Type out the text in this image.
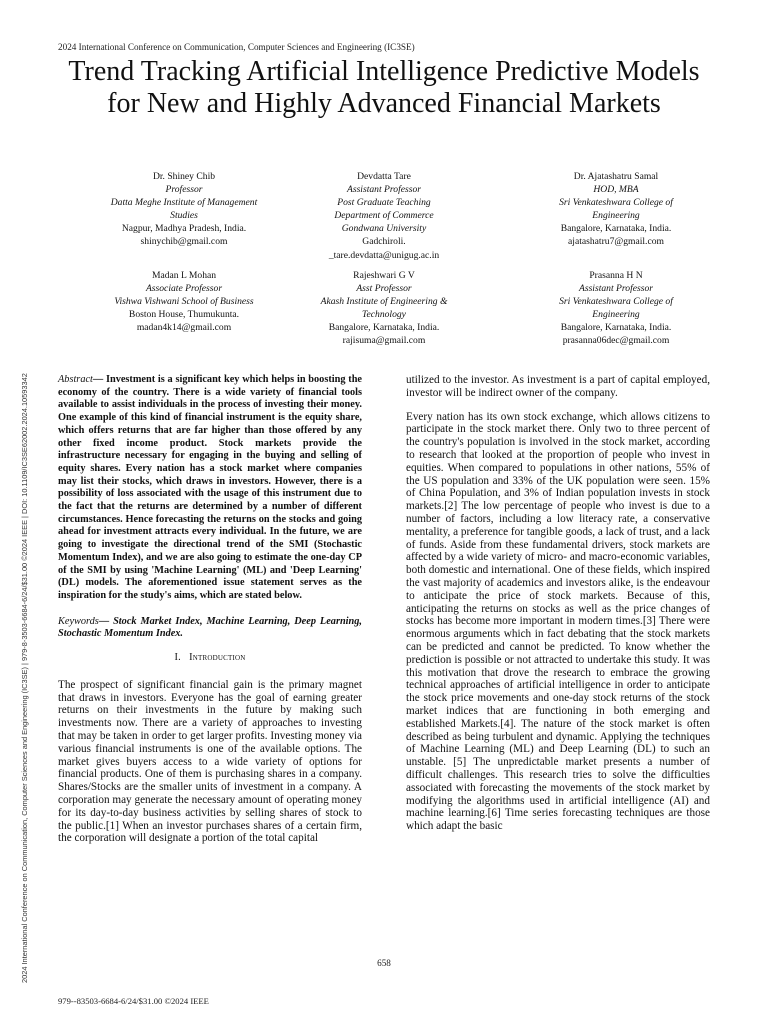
2024 International Conference on Communication, Computer Sciences and Engineering (IC3SE)
Trend Tracking Artificial Intelligence Predictive Models for New and Highly Advanced Financial Markets
Dr. Shiney Chib
Professor
Datta Meghe Institute of Management
Studies
Nagpur, Madhya Pradesh, India.
shinychib@gmail.com
Devdatta Tare
Assistant Professor
Post Graduate Teaching
Department of Commerce
Gondwana University
Gadchiroli.
_tare.devdatta@unigug.ac.in
Dr. Ajatashatru Samal
HOD, MBA
Sri Venkateshwara College of
Engineering
Bangalore, Karnataka, India.
ajatashatru7@gmail.com
Madan L Mohan
Associate Professor
Vishwa Vishwani School of Business
Boston House, Thumukunta.
madan4k14@gmail.com
Rajeshwari G V
Asst Professor
Akash Institute of Engineering &
Technology
Bangalore, Karnataka, India.
rajisuma@gmail.com
Prasanna H N
Assistant Professor
Sri Venkateshwara College of
Engineering
Bangalore, Karnataka, India.
prasanna06dec@gmail.com
2024 International Conference on Communication, Computer Sciences and Engineering (IC3SE) | 979-8-3503-6684-6/24/$31.00 ©2024 IEEE | DOI: 10.1109/IC3SE62002.2024.10593342	Abstract— Investment is a significant key which helps in boosting the economy of the country. There is a wide variety of financial tools available to assist individuals in the process of investing their money. One example of this kind of financial instrument is the equity share, which offers returns that are far higher than those offered by any other fixed income product. Stock markets provide the infrastructure necessary for engaging in the buying and selling of equity shares. Every nation has a stock market where companies may list their stocks, which draws in investors. However, there is a possibility of loss associated with the usage of this instrument due to the fact that the returns are determined by a number of different circumstances. Hence forecasting the returns on the stocks and going ahead for investment attracts every individual. In the future, we are going to investigate the directional trend of the SMI (Stochastic Momentum Index), and we are also going to estimate the one-day CP of the SMI by using 'Machine Learning' (ML) and 'Deep Learning' (DL) models. The aforementioned issue statement serves as the inspiration for the study's aims, which are stated below.

Keywords— Stock Market Index, Machine Learning, Deep Learning, Stochastic Momentum Index.

I. Introduction

The prospect of significant financial gain is the primary magnet that draws in investors. Everyone has the goal of earning greater returns on their investments in the future by making such investments now. There are a variety of approaches to investing that may be taken in order to get larger profits. Investing money via various financial instruments is one of the available options. The market gives buyers access to a wide variety of options for financial products. One of them is purchasing shares in a company. Shares/Stocks are the smaller units of investment in a company. A corporation may generate the necessary amount of operating money for its day-to-day business activities by selling shares of stock to the public.[1] When an investor purchases shares of a certain firm, the corporation will designate a portion of the total capital

utilized to the investor. As investment is a part of capital employed, investor will be indirect owner of the company.

Every nation has its own stock exchange, which allows citizens to participate in the stock market there. Only two to three percent of the country's population is involved in the stock market, according to research that looked at the proportion of people who invest in equities. When compared to populations in other nations, 55% of the US population and 33% of the UK population were seen. 15% of China Population, and 3% of Indian population invests in stock markets.[2] The low percentage of people who invest is due to a number of factors, including a low literacy rate, a conservative mentality, a preference for tangible goods, a lack of trust, and a lack of funds. Aside from these fundamental drivers, stock markets are affected by a wide variety of micro- and macro-economic variables, both domestic and international. One of these fields, which inspired the vast majority of academics and investors alike, is the endeavour to anticipate the price of stock markets. Because of this, anticipating the returns on stocks as well as the price changes of stocks has become more important in modern times.[3] There were enormous arguments which in fact debating that the stock markets can be predicted and cannot be predicted. To know whether the prediction is possible or not attracted to undertake this study. It was this motivation that drove the research to embrace the growing technical approaches of artificial intelligence in order to anticipate the stock price movements and one-day stock returns of the stock market indices that are functioning in both emerging and established Markets.[4]. The nature of the stock market is often described as being turbulent and dynamic. Applying the techniques of Machine Learning (ML) and Deep Learning (DL) to such an unstable. [5] The unpredictable market presents a number of difficult challenges. This research tries to solve the difficulties associated with forecasting the movements of the stock market by modifying the algorithms used in artificial intelligence (AI) and machine learning.[6] Time series forecasting techniques are those which adapt the basic

658
979--83503-6684-6/24/$31.00 ©2024 IEEE
